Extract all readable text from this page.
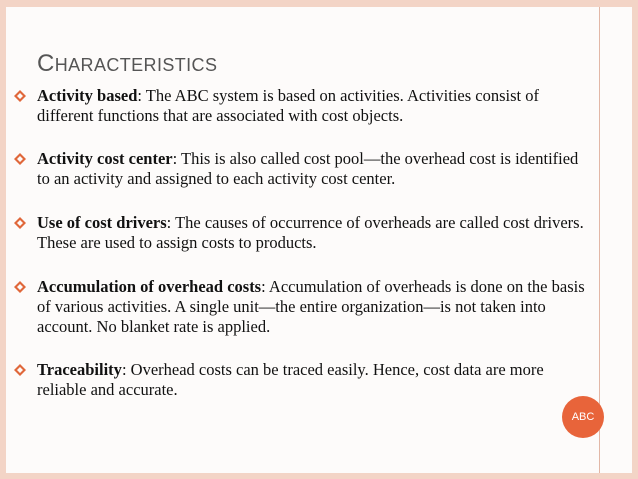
CHARACTERISTICS
Activity based: The ABC system is based on activities. Activities consist of different functions that are associated with cost objects.
Activity cost center: This is also called cost pool—the overhead cost is identified to an activity and assigned to each activity cost center.
Use of cost drivers: The causes of occurrence of overheads are called cost drivers. These are used to assign costs to products.
Accumulation of overhead costs: Accumulation of overheads is done on the basis of various activities. A single unit—the entire organization—is not taken into account. No blanket rate is applied.
Traceability: Overhead costs can be traced easily. Hence, cost data are more reliable and accurate.
ABC
